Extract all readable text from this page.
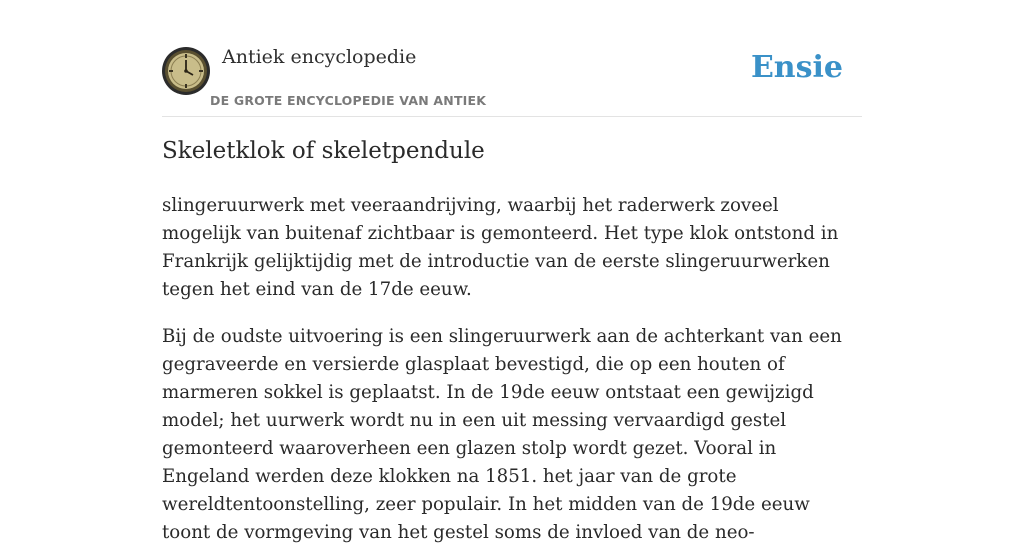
Antiek encyclopedie
DE GROTE ENCYCLOPEDIE VAN ANTIEK
Ensie
Skeletklok of skeletpendule

slingeruurwerk met veeraandrijving, waarbij het raderwerk zoveel mogelijk van buitenaf zichtbaar is gemonteerd. Het type klok ontstond in Frankrijk gelijktijdig met de introductie van de eerste slingeruurwerken tegen het eind van de 17de eeuw.

Bij de oudste uitvoering is een slingeruurwerk aan de achterkant van een gegraveerde en versierde glasplaat bevestigd, die op een houten of marmeren sokkel is geplaatst. In de 19de eeuw ontstaat een gewijzigd model; het uurwerk wordt nu in een uit messing vervaardigd gestel gemonteerd waaroverheen een glazen stolp wordt gezet. Vooral in Engeland werden deze klokken na 1851. het jaar van de grote wereldtentoonstelling, zeer populair. In het midden van de 19de eeuw toont de vormgeving van het gestel soms de invloed van de neo-
